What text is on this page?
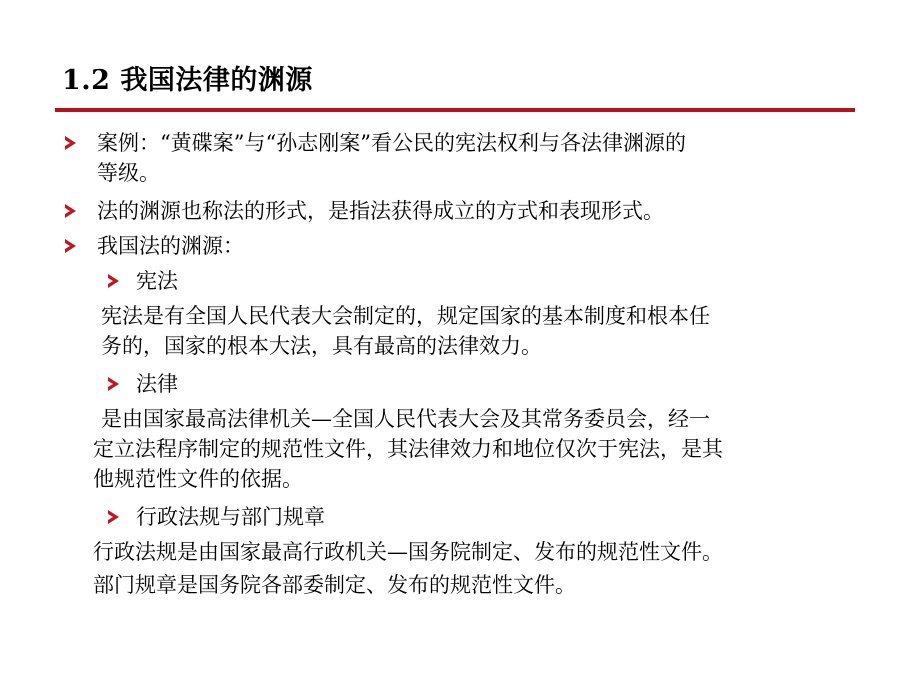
1.2 我国法律的渊源
案例：“黄碟案”与“孙志刚案”看公民的宪法权利与各法律渊源的
等级。
法的渊源也称法的形式，是指法获得成立的方式和表现形式。
我国法的渊源：
宪法
宪法是有全国人民代表大会制定的，规定国家的基本制度和根本任
务的，国家的根本大法，具有最高的法律效力。
法律
是由国家最高法律机关—全国人民代表大会及其常务委员会，经一
定立法程序制定的规范性文件，其法律效力和地位仅次于宪法，是其
他规范性文件的依据。
行政法规与部门规章
行政法规是由国家最高行政机关—国务院制定、发布的规范性文件。
部门规章是国务院各部委制定、发布的规范性文件。
